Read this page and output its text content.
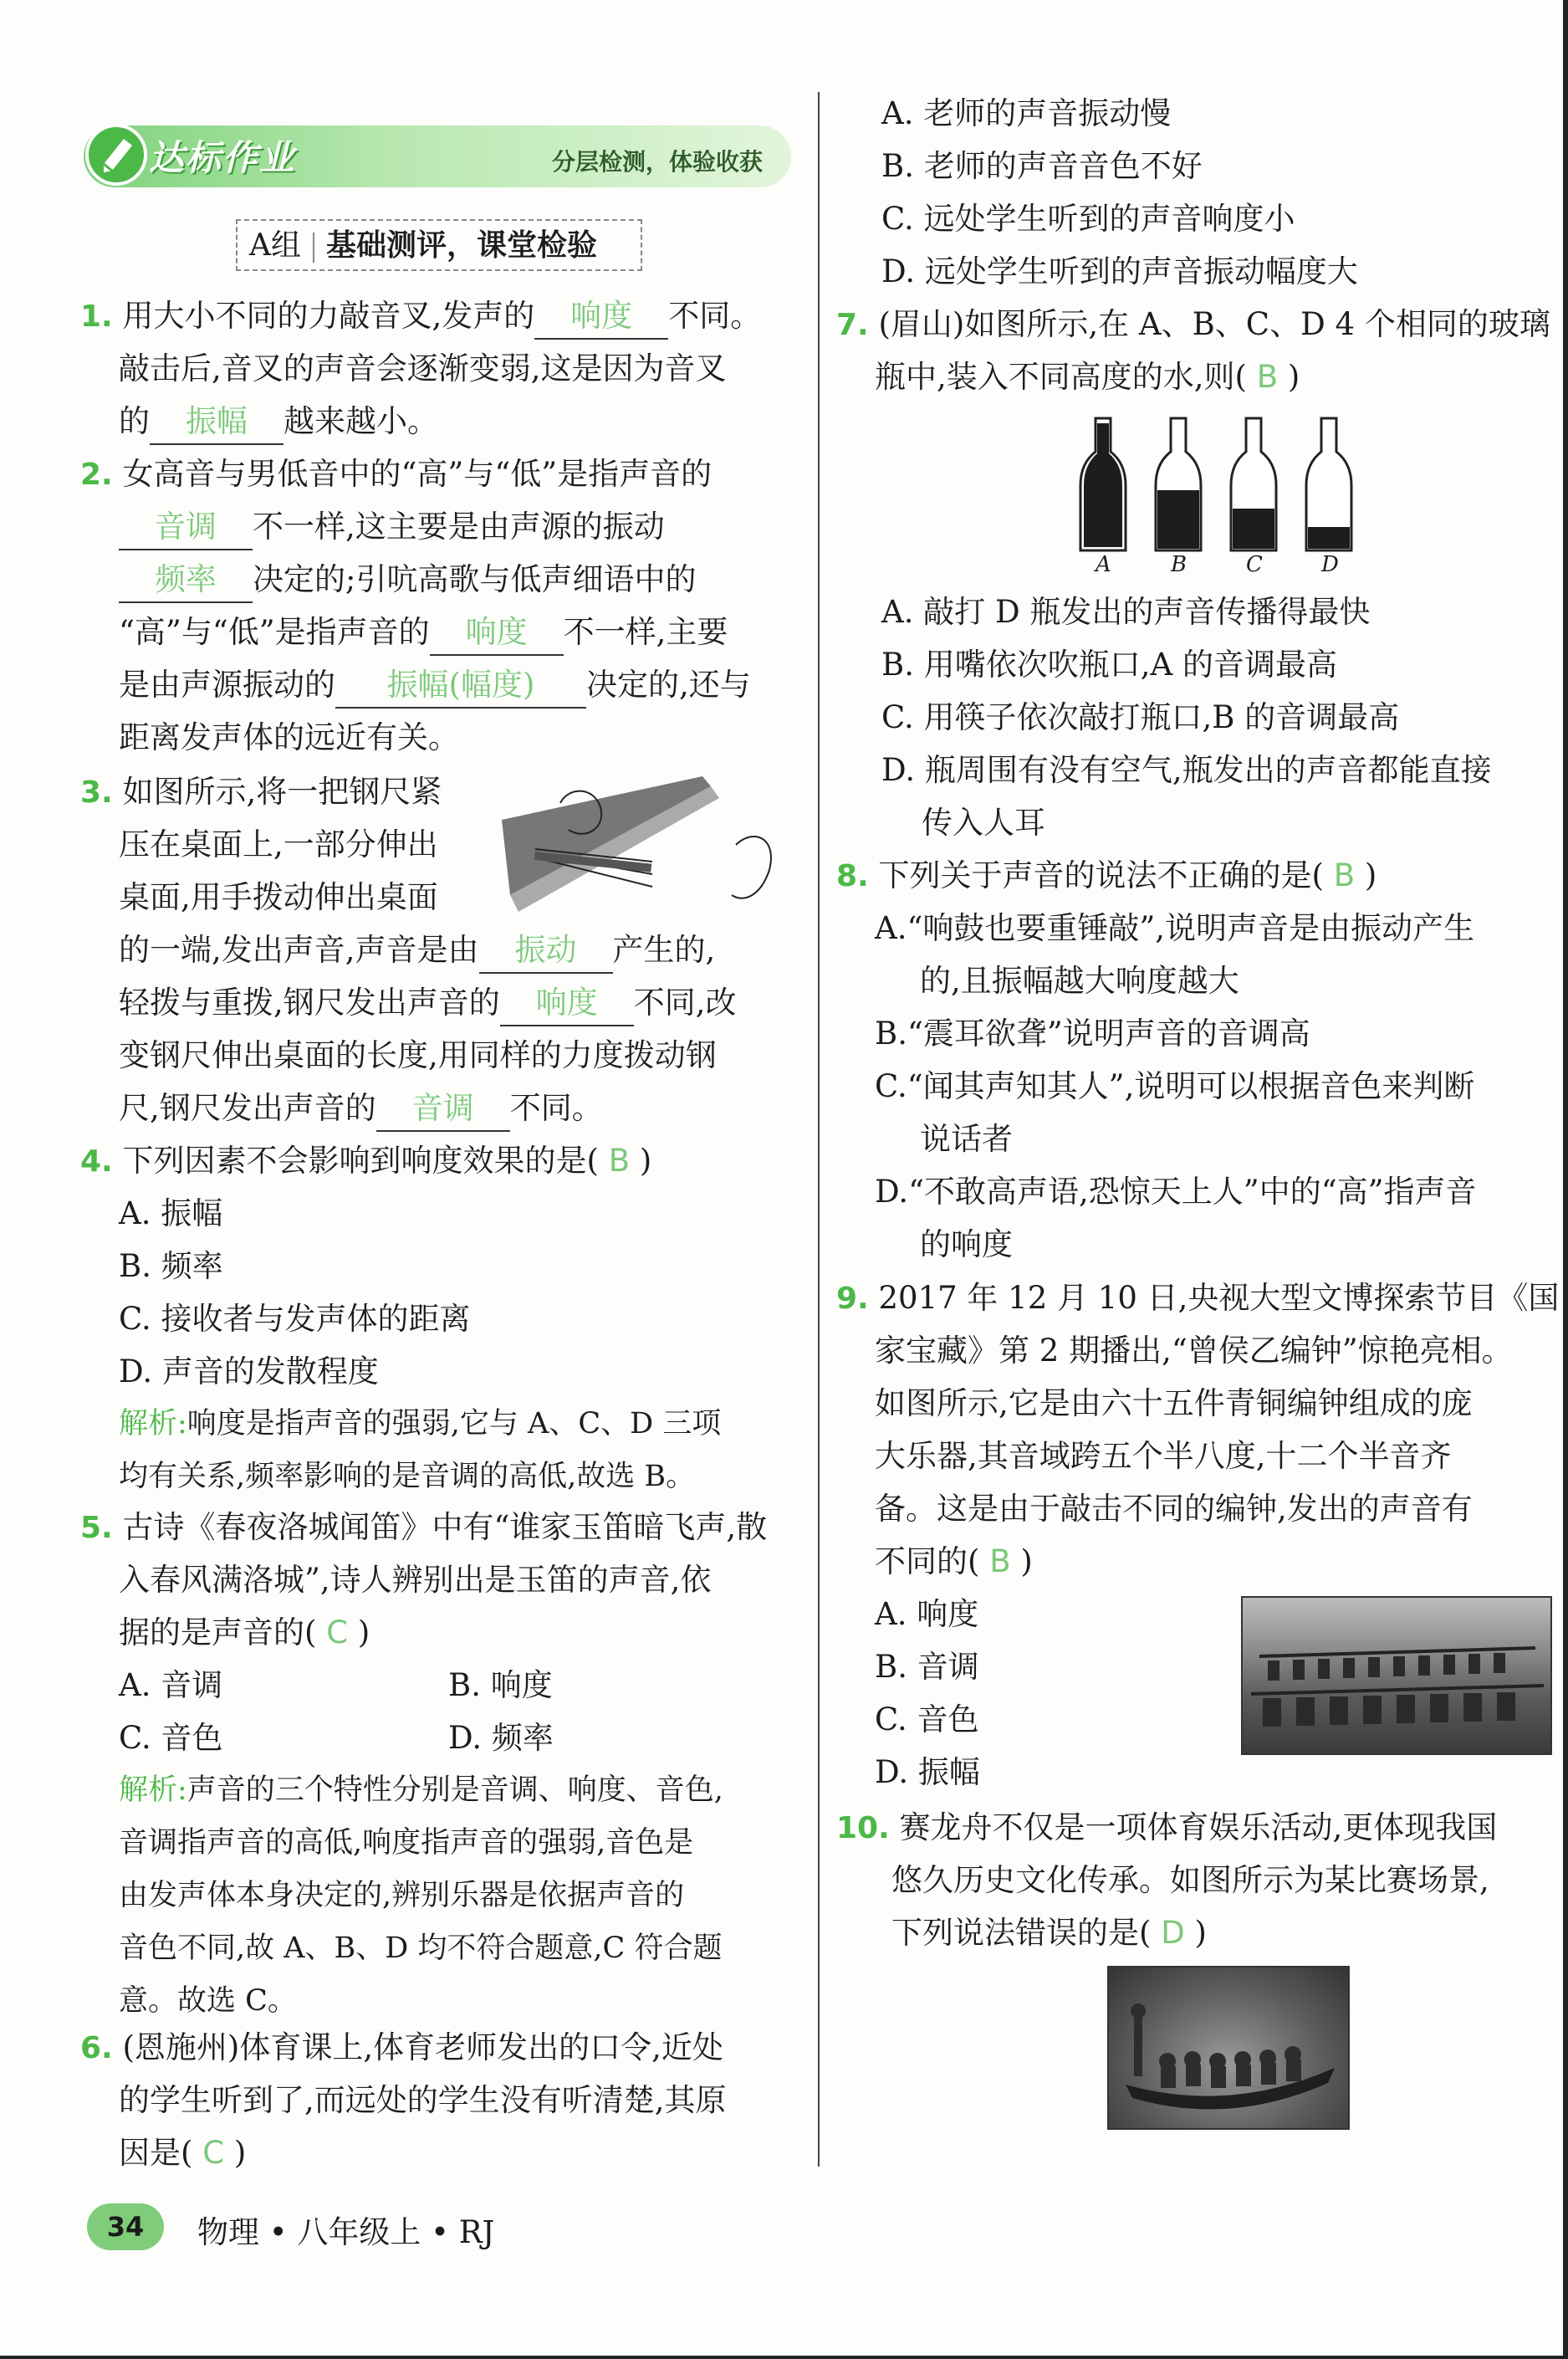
达标作业	分层检测，体验收获
A组 基础测评，课堂检验
1. 用大小不同的力敲音叉,发声的 响度 不同。
敲击后,音叉的声音会逐渐变弱,这是因为音叉
的 振幅 越来越小。
2. 女高音与男低音中的“高”与“低”是指声音的
音调 不一样,这主要是由声源的振动
频率 决定的;引吭高歌与低声细语中的
“高”与“低”是指声音的 响度 不一样,主要
是由声源振动的 振幅(幅度) 决定的,还与
距离发声体的远近有关。
3. 如图所示,将一把钢尺紧
压在桌面上,一部分伸出
桌面,用手拨动伸出桌面
的一端,发出声音,声音是由 振动 产生的,
轻拨与重拨,钢尺发出声音的 响度 不同,改
变钢尺伸出桌面的长度,用同样的力度拨动钢
尺,钢尺发出声音的 音调 不同。
4. 下列因素不会影响到响度效果的是( B )
A. 振幅
B. 频率
C. 接收者与发声体的距离
D. 声音的发散程度
解析:响度是指声音的强弱,它与 A、C、D 三项
均有关系,频率影响的是音调的高低,故选 B。
5. 古诗《春夜洛城闻笛》中有“谁家玉笛暗飞声,散
入春风满洛城”,诗人辨别出是玉笛的声音,依
据的是声音的( C )
A. 音调	B. 响度
C. 音色	D. 频率
解析:声音的三个特性分别是音调、响度、音色,
音调指声音的高低,响度指声音的强弱,音色是
由发声体本身决定的,辨别乐器是依据声音的
音色不同,故 A、B、D 均不符合题意,C 符合题
意。故选 C。
6. (恩施州)体育课上,体育老师发出的口令,近处
的学生听到了,而远处的学生没有听清楚,其原
因是( C )
A. 老师的声音振动慢
B. 老师的声音音色不好
C. 远处学生听到的声音响度小
D. 远处学生听到的声音振动幅度大
7. (眉山)如图所示,在 A、B、C、D 4 个相同的玻璃
瓶中,装入不同高度的水,则( B )
A	B	C	D
A. 敲打 D 瓶发出的声音传播得最快
B. 用嘴依次吹瓶口,A 的音调最高
C. 用筷子依次敲打瓶口,B 的音调最高
D. 瓶周围有没有空气,瓶发出的声音都能直接
传入人耳
8. 下列关于声音的说法不正确的是( B )
A.“响鼓也要重锤敲”,说明声音是由振动产生
的,且振幅越大响度越大
B.“震耳欲聋”说明声音的音调高
C.“闻其声知其人”,说明可以根据音色来判断
说话者
D.“不敢高声语,恐惊天上人”中的“高”指声音
的响度
9. 2017 年 12 月 10 日,央视大型文博探索节目《国
家宝藏》第 2 期播出,“曾侯乙编钟”惊艳亮相。
如图所示,它是由六十五件青铜编钟组成的庞
大乐器,其音域跨五个半八度,十二个半音齐
备。这是由于敲击不同的编钟,发出的声音有
不同的( B )
A. 响度
B. 音调
C. 音色
D. 振幅
10. 赛龙舟不仅是一项体育娱乐活动,更体现我国
悠久历史文化传承。如图所示为某比赛场景,
下列说法错误的是( D )
34	物理 • 八年级上 • RJ
